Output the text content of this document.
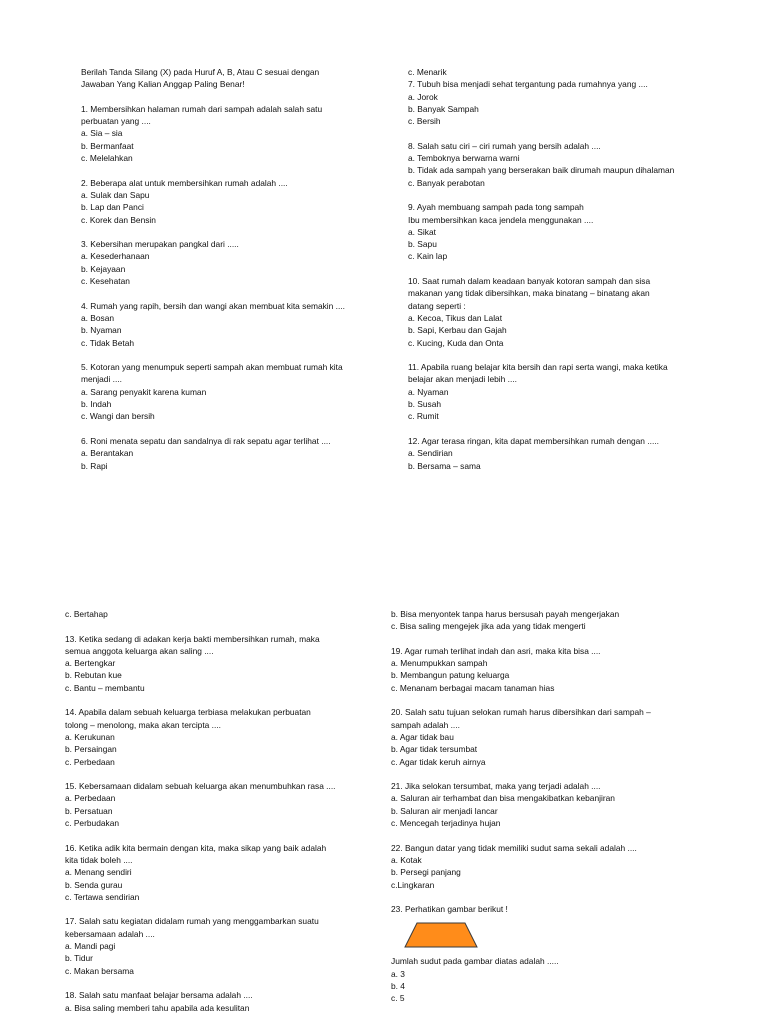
Berilah Tanda Silang (X) pada Huruf A, B, Atau C sesuai dengan

Jawaban Yang Kalian Anggap Paling Benar!

1. Membersihkan halaman rumah dari sampah adalah salah satu

perbuatan yang ....

a. Sia – sia

b. Bermanfaat

c. Melelahkan

2. Beberapa alat untuk membersihkan rumah adalah ....

a. Sulak dan Sapu

b. Lap dan Panci

c. Korek dan Bensin

3. Kebersihan merupakan pangkal dari .....

a. Kesederhanaan

b. Kejayaan

c. Kesehatan

4. Rumah yang rapih, bersih dan wangi akan membuat kita semakin ....

a. Bosan

b. Nyaman

c. Tidak Betah

5. Kotoran yang menumpuk seperti sampah akan membuat rumah kita

menjadi ....

a. Sarang penyakit karena kuman

b. Indah

c. Wangi dan bersih

6. Roni menata sepatu dan sandalnya di rak sepatu agar terlihat ....

a. Berantakan

b. Rapi

c. Menarik

7. Tubuh bisa menjadi sehat tergantung pada rumahnya yang ....

a. Jorok

b. Banyak Sampah

c. Bersih

8. Salah satu ciri – ciri rumah yang bersih adalah ....

a. Temboknya berwarna warni

b. Tidak ada sampah yang berserakan baik dirumah maupun dihalaman

c. Banyak perabotan

9. Ayah membuang sampah pada tong sampah

Ibu membersihkan kaca jendela menggunakan ....

a. Sikat

b. Sapu

c. Kain lap

10. Saat rumah dalam keadaan banyak kotoran sampah dan sisa

makanan yang tidak dibersihkan, maka binatang – binatang akan

datang seperti :

a. Kecoa, Tikus dan Lalat

b. Sapi, Kerbau dan Gajah

c. Kucing, Kuda dan Onta

11. Apabila ruang belajar kita bersih dan rapi serta wangi, maka ketika

belajar akan menjadi lebih ....

a. Nyaman

b. Susah

c. Rumit

12. Agar terasa ringan, kita dapat membersihkan rumah dengan .....

a. Sendirian

b. Bersama – sama

c. Bertahap

13. Ketika sedang di adakan kerja bakti membersihkan rumah, maka

semua anggota keluarga akan saling ....

a. Bertengkar

b. Rebutan kue

c. Bantu – membantu

14. Apabila dalam sebuah keluarga terbiasa melakukan perbuatan

tolong – menolong, maka akan tercipta ....

a. Kerukunan

b. Persaingan

c. Perbedaan

15. Kebersamaan didalam sebuah keluarga akan menumbuhkan rasa ....

a. Perbedaan

b. Persatuan

c. Perbudakan

16. Ketika adik kita bermain dengan kita, maka sikap yang baik adalah

kita tidak boleh ....

a. Menang sendiri

b. Senda gurau

c. Tertawa sendirian

17. Salah satu kegiatan didalam rumah yang menggambarkan suatu

kebersamaan adalah ....

a. Mandi pagi

b. Tidur

c. Makan bersama

18. Salah satu manfaat belajar bersama adalah ....

a. Bisa saling memberi tahu apabila ada kesulitan

b. Bisa menyontek tanpa harus bersusah payah mengerjakan

c. Bisa saling mengejek jika ada yang tidak mengerti

19. Agar rumah terlihat indah dan asri, maka kita bisa ....

a. Menumpukkan sampah

b. Membangun patung keluarga

c. Menanam berbagai macam tanaman hias

20. Salah satu tujuan selokan rumah harus dibersihkan dari sampah –

sampah adalah ....

a. Agar tidak bau

b. Agar tidak tersumbat

c. Agar tidak keruh airnya

21. Jika selokan tersumbat, maka yang terjadi adalah ....

a. Saluran air terhambat dan bisa mengakibatkan kebanjiran

b. Saluran air menjadi lancar

c. Mencegah terjadinya hujan

22. Bangun datar yang tidak memiliki sudut sama sekali adalah ....

a. Kotak

b. Persegi panjang

c.Lingkaran

23. Perhatikan gambar berikut !

Jumlah sudut pada gambar diatas adalah .....

a. 3

b. 4

c. 5
